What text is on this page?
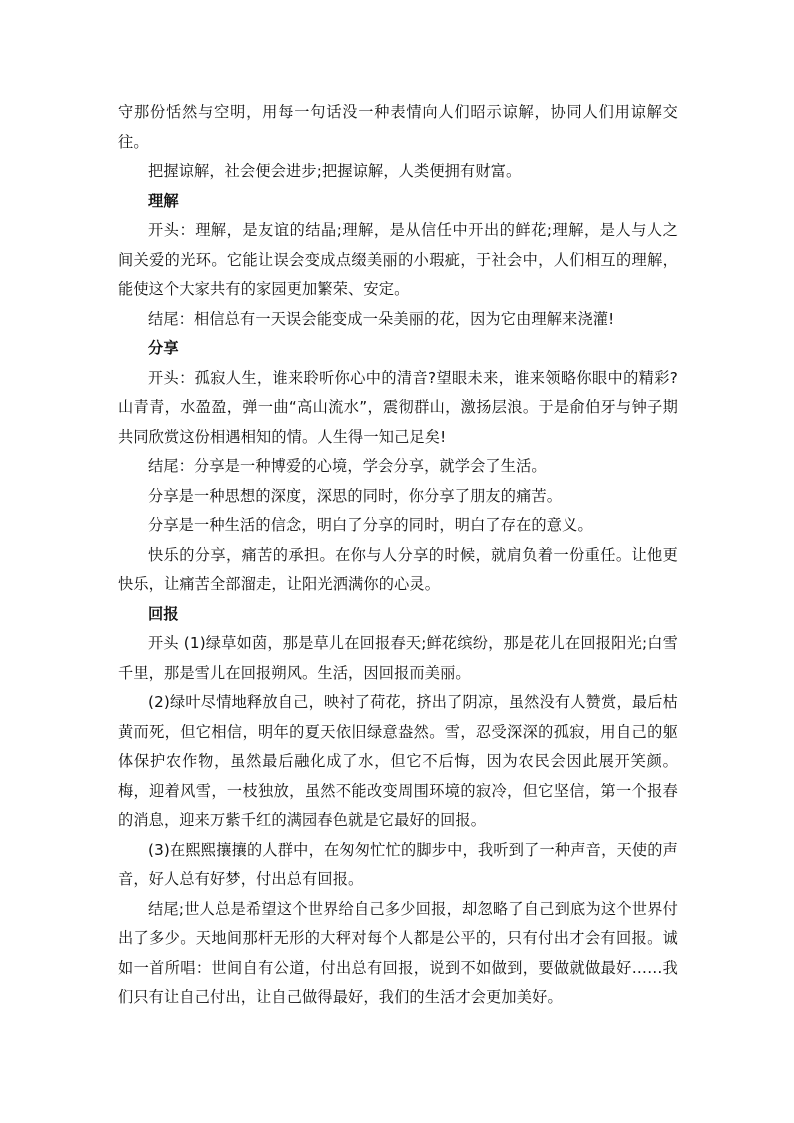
守那份恬然与空明，用每一句话没一种表情向人们昭示谅解，协同人们用谅解交往。

把握谅解，社会便会进步;把握谅解，人类便拥有财富。

理解

开头：理解，是友谊的结晶;理解，是从信任中开出的鲜花;理解，是人与人之间关爱的光环。它能让误会变成点缀美丽的小瑕疵，于社会中，人们相互的理解，能使这个大家共有的家园更加繁荣、安定。

结尾：相信总有一天误会能变成一朵美丽的花，因为它由理解来浇灌!

分享

开头：孤寂人生，谁来聆听你心中的清音?望眼未来，谁来领略你眼中的精彩?山青青，水盈盈，弹一曲“高山流水”，震彻群山，激扬层浪。于是俞伯牙与钟子期共同欣赏这份相遇相知的情。人生得一知己足矣!

结尾：分享是一种博爱的心境，学会分享，就学会了生活。

分享是一种思想的深度，深思的同时，你分享了朋友的痛苦。

分享是一种生活的信念，明白了分享的同时，明白了存在的意义。

快乐的分享，痛苦的承担。在你与人分享的时候，就肩负着一份重任。让他更快乐，让痛苦全部溜走，让阳光洒满你的心灵。

回报

开头 (1)绿草如茵，那是草儿在回报春天;鲜花缤纷，那是花儿在回报阳光;白雪千里，那是雪儿在回报朔风。生活，因回报而美丽。

(2)绿叶尽情地释放自己，映衬了荷花，挤出了阴凉，虽然没有人赞赏，最后枯黄而死，但它相信，明年的夏天依旧绿意盎然。雪，忍受深深的孤寂，用自己的躯体保护农作物，虽然最后融化成了水，但它不后悔，因为农民会因此展开笑颜。 梅，迎着风雪，一枝独放，虽然不能改变周围环境的寂冷，但它坚信，第一个报春的消息，迎来万紫千红的满园春色就是它最好的回报。

(3)在熙熙攘攘的人群中，在匆匆忙忙的脚步中，我听到了一种声音，天使的声音，好人总有好梦，付出总有回报。

结尾;世人总是希望这个世界给自己多少回报，却忽略了自己到底为这个世界付出了多少。天地间那杆无形的大秤对每个人都是公平的，只有付出才会有回报。诚如一首所唱：世间自有公道，付出总有回报，说到不如做到，要做就做最好……我们只有让自己付出，让自己做得最好，我们的生活才会更加美好。
